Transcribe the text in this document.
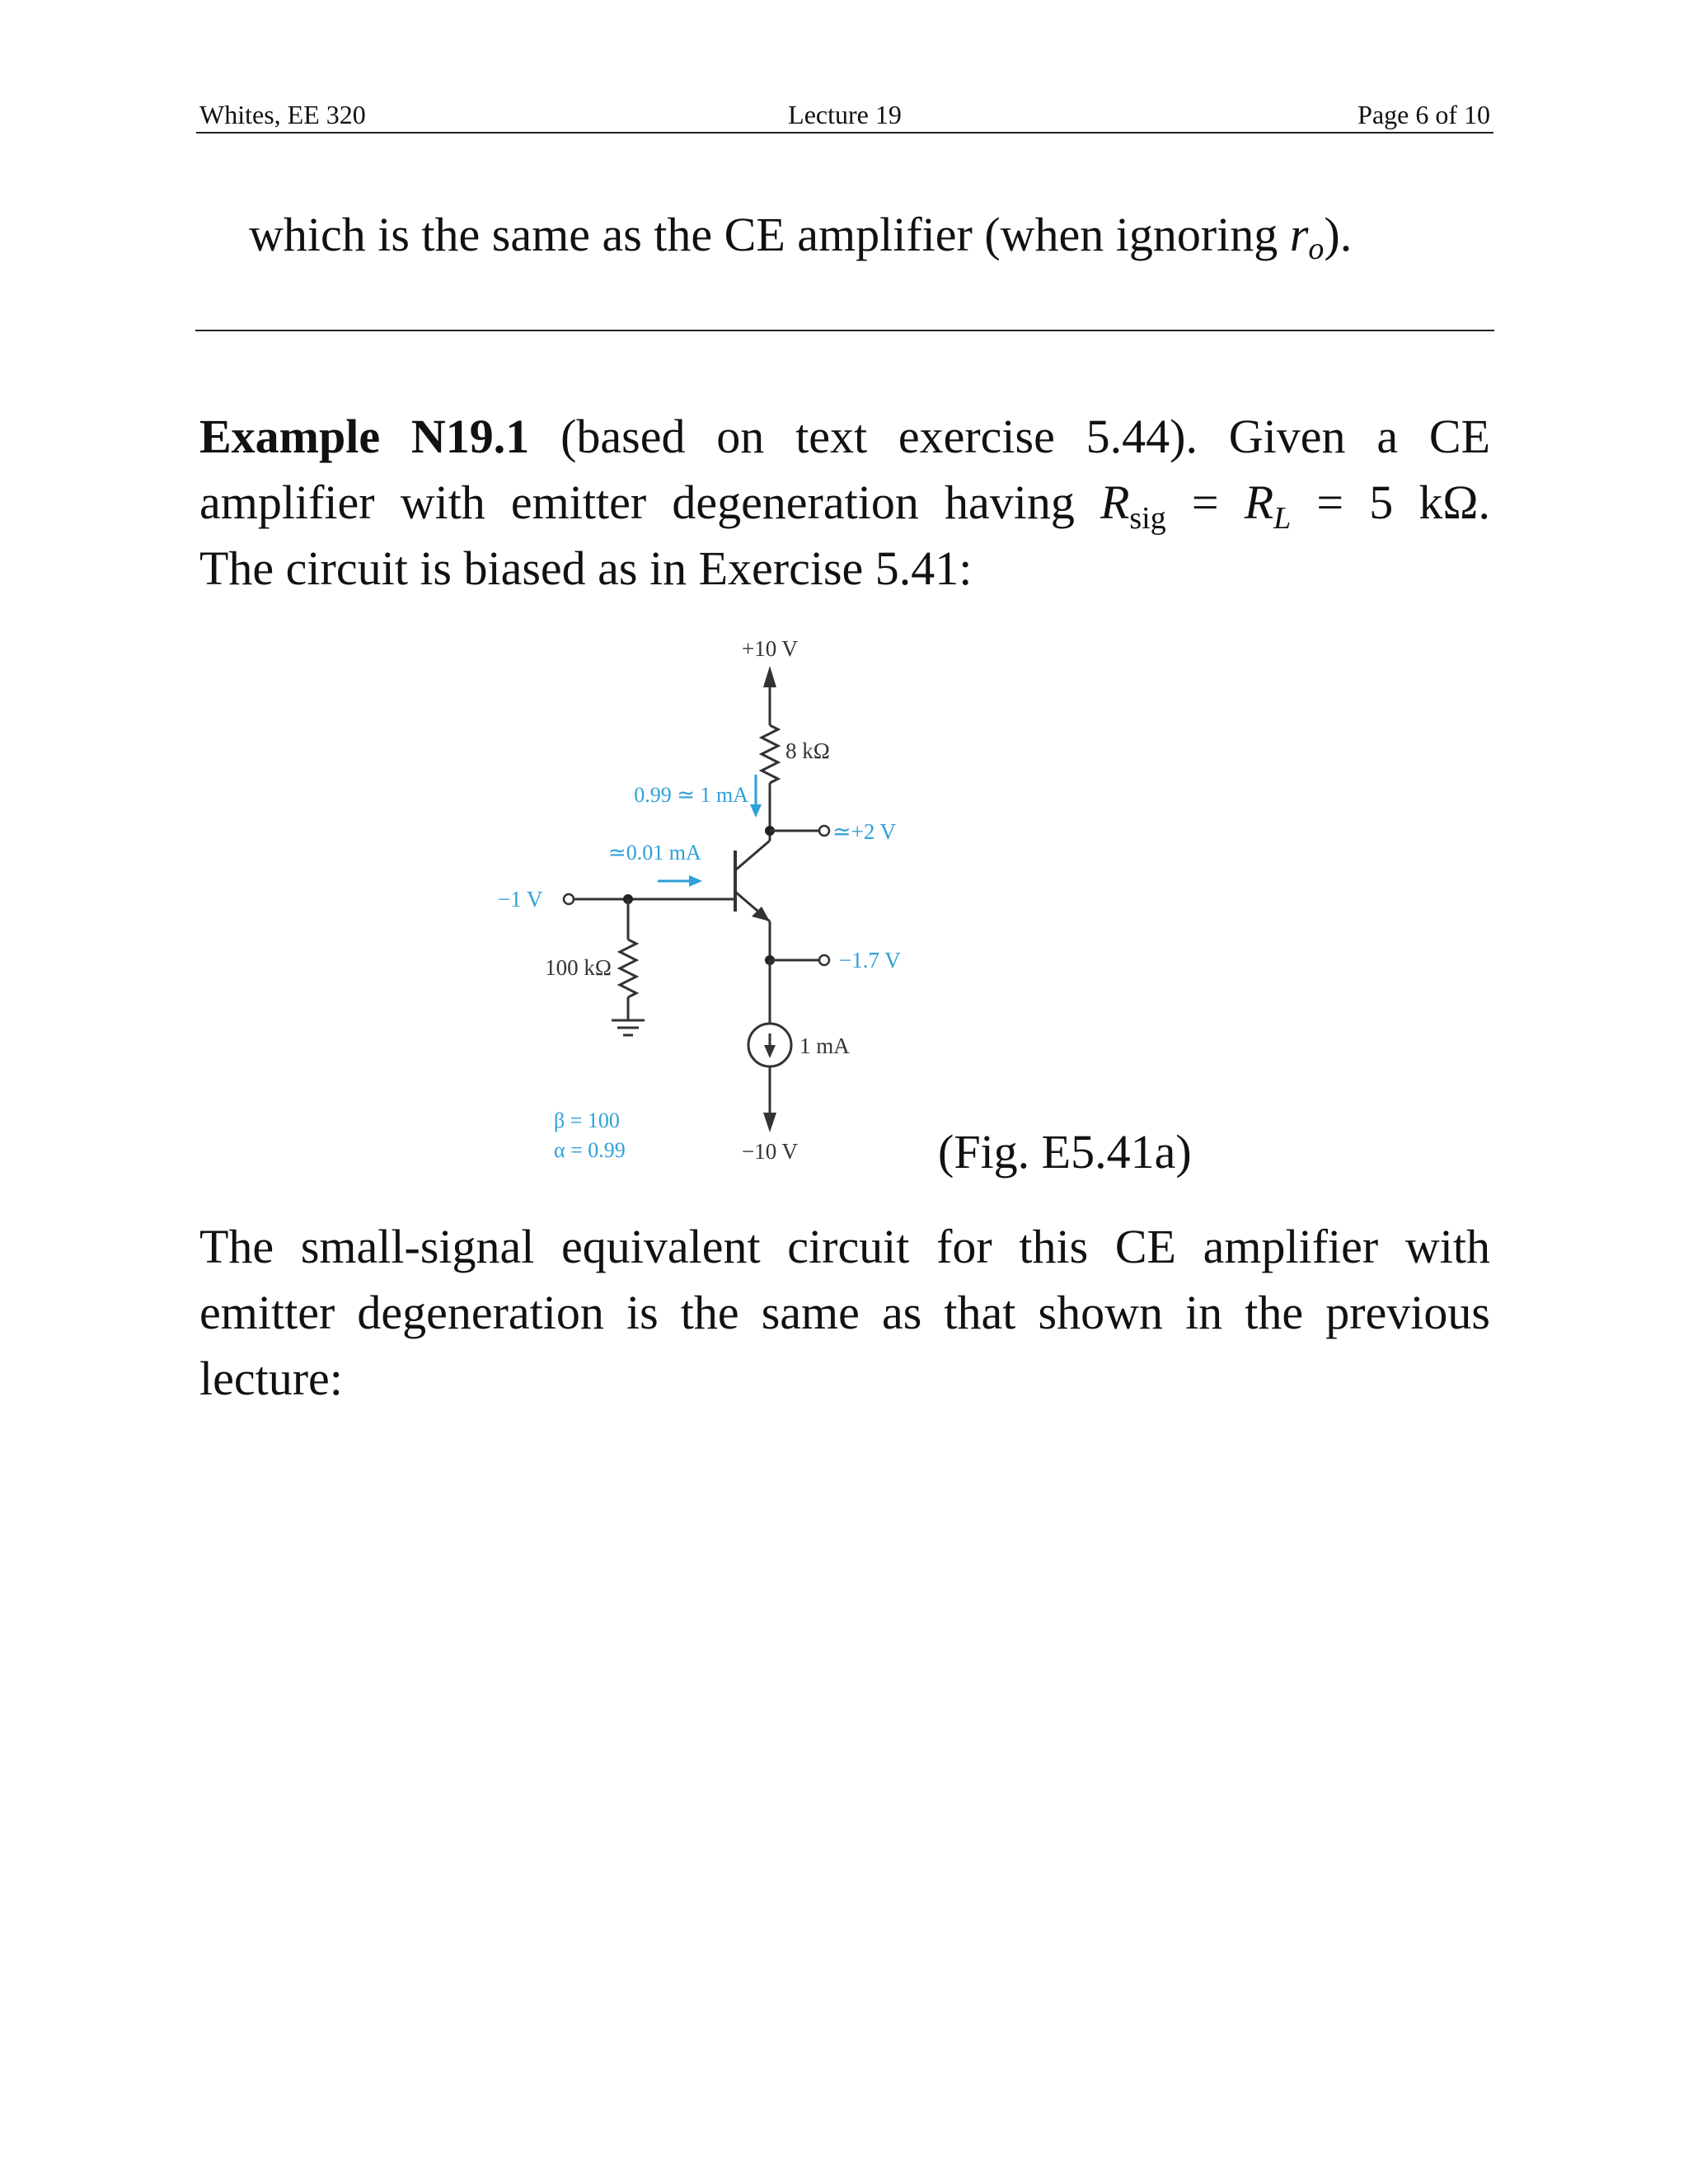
Whites, EE 320	Lecture 19	Page 6 of 10
which is the same as the CE amplifier (when ignoring $r_o$).
Example N19.1 (based on text exercise 5.44). Given a CE
amplifier with emitter degeneration having $R_{sig} = R_L = 5$ kΩ.
The circuit is biased as in Exercise 5.41:
+10 V
8 kΩ
0.99 ≃ 1 mA
≃+2 V
≃0.01 mA
−1 V
100 kΩ	−1.7 V
1 mA
−10 V
β = 100
α = 0.99	(Fig. E5.41a)
The small-signal equivalent circuit for this CE amplifier with
emitter degeneration is the same as that shown in the previous
lecture:
